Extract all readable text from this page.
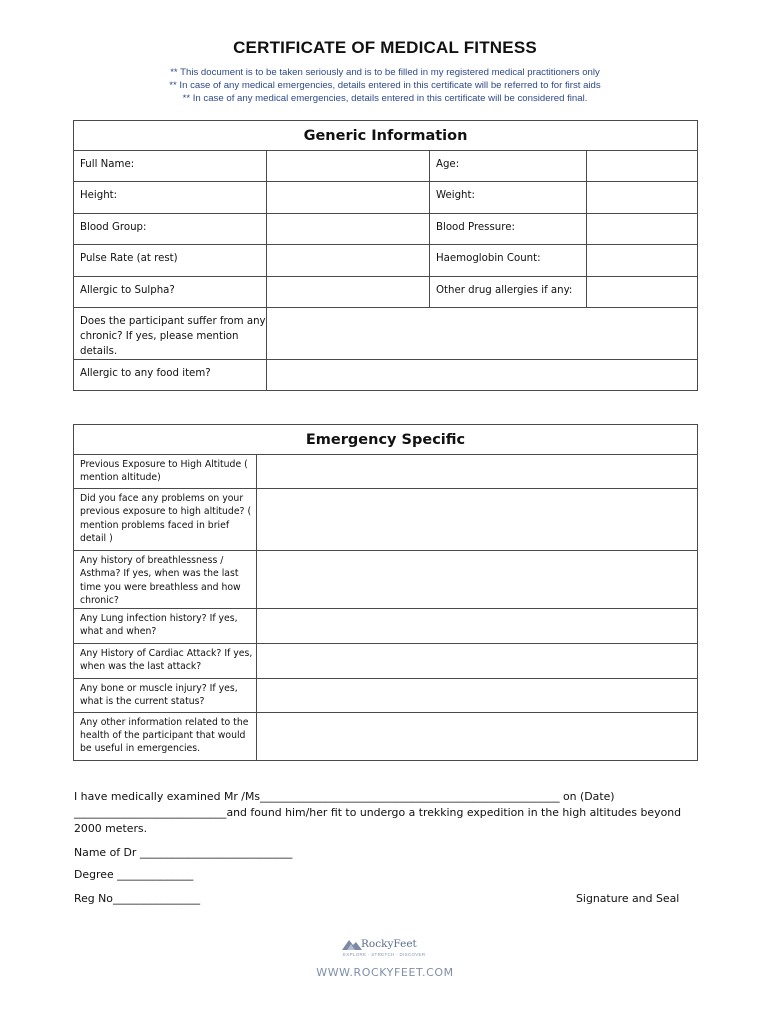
CERTIFICATE OF MEDICAL FITNESS
** This document is to be taken seriously and is to be filled in my registered medical practitioners only
** In case of any medical emergencies, details entered in this certificate will be referred to for first aids
** In case of any medical emergencies, details entered in this certificate will be considered final.
Generic Information			
Full Name:		Age:	
Height:		Weight:	
Blood Group:		Blood Pressure:	
Pulse Rate (at rest)		Haemoglobin Count:	
Allergic to Sulpha?		Other drug allergies if any:	
Does the participant suffer from any chronic? If yes, please mention details.			
Allergic to any food item?			
Emergency Specific	
Previous Exposure to High Altitude ( mention altitude)	
Did you face any problems on your previous exposure to high altitude? ( mention problems faced in brief detail )	
Any history of breathlessness / Asthma? If yes, when was the last time you were breathless and how chronic?	
Any Lung infection history? If yes, what and when?	
Any History of Cardiac Attack? If yes, when was the last attack?	
Any bone or muscle injury? If yes, what is the current status?	
Any other information related to the health of the participant that would be useful in emergencies.	
I have medically examined Mr /Ms_______________________________________________________ on (Date)
____________________________and found him/her fit to undergo a trekking expedition in the high altitudes beyond
2000 meters.
Name of Dr ____________________________
Degree ______________
Reg No________________	Signature and Seal
RockyFeet
EXPLORE · STRETCH · DISCOVER
WWW.ROCKYFEET.COM
